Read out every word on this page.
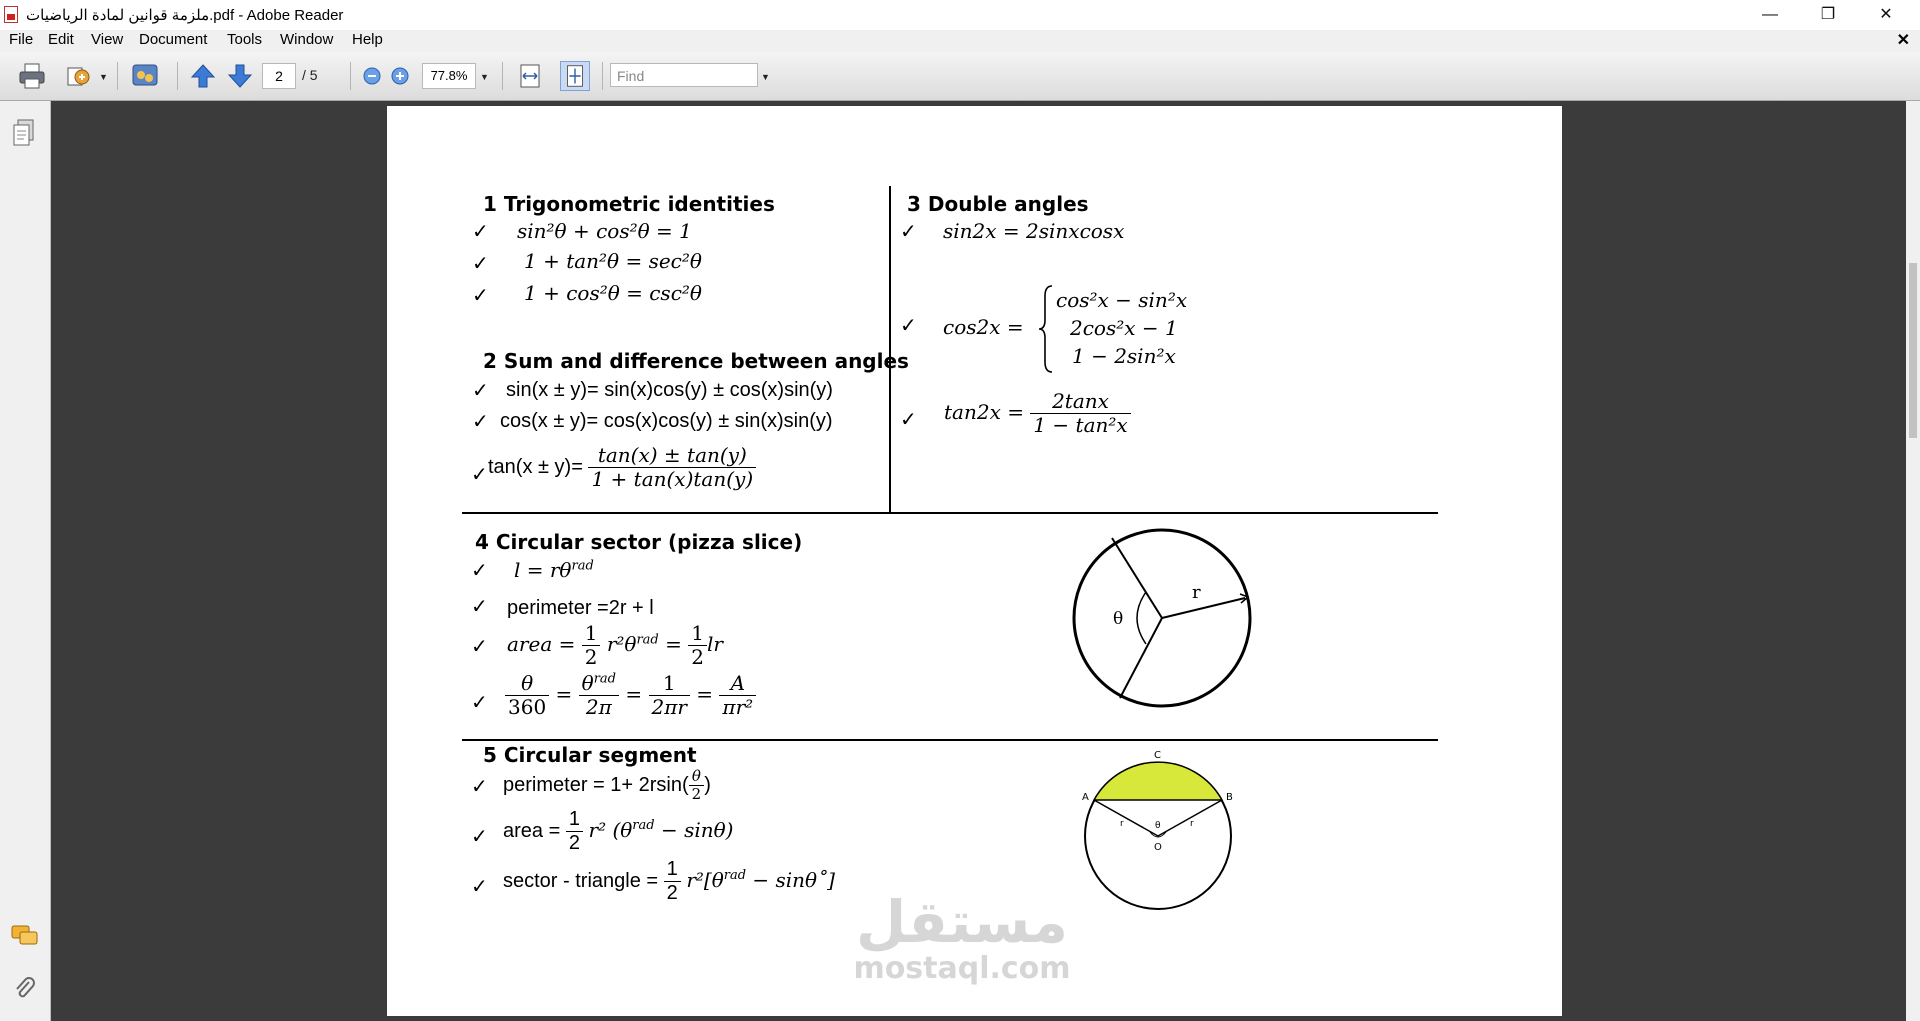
ملزمة قوانين لمادة الرياضيات.pdf - Adobe Reader	—	❐	✕
File Edit View Document Tools Window Help	✕
▼	2	/ 5	77.8%	▼	Find	▼
1 Trigonometric identities
✓ sin²θ + cos²θ = 1
✓ 1 + tan²θ = sec²θ
✓ 1 + cos²θ = csc²θ
2 Sum and difference between angles
✓ sin(x ± y)= sin(x)cos(y) ± cos(x)sin(y)
✓ cos(x ± y)= cos(x)cos(y) ± sin(x)sin(y)
✓ $\tan(x \pm y)= \frac{\tan(x) \pm \tan(y)}{1 + \tan(x)\tan(y)}$
3 Double angles
✓ sin2x = 2sinxcosx
✓ cos2x =
cos²x − sin²x
2cos²x − 1
1 − 2sin²x
✓ $\tan 2x = \frac{2\tan x}{\text{1 − tan²x}}$
4 Circular sector (pizza slice)
✓ $l = r\theta^{rad}$
✓ perimeter =2r + l
✓ area = $\frac{1}{2} r^2\theta^{rad} = \frac{1}{2}$ lr
✓ $\frac{\theta}{360} = \frac{\theta^{rad}}{2\pi} = \frac{1}{2\pi r} = \frac{A}{\text{πr²}}$
r
θ
5 Circular segment
✓ perimeter = $1+ 2rsin( \frac{\theta}{2}$ )
✓ area = $\frac{1}{2} r^2$ $(\theta^{rad} - \sin\theta)$
✓ sector - triangle = $\frac{1}{2} r^2[\theta^{rad}$ − sinθ˚]
A	B
C
O
r	r
θ
مستقل
mostaql.com
